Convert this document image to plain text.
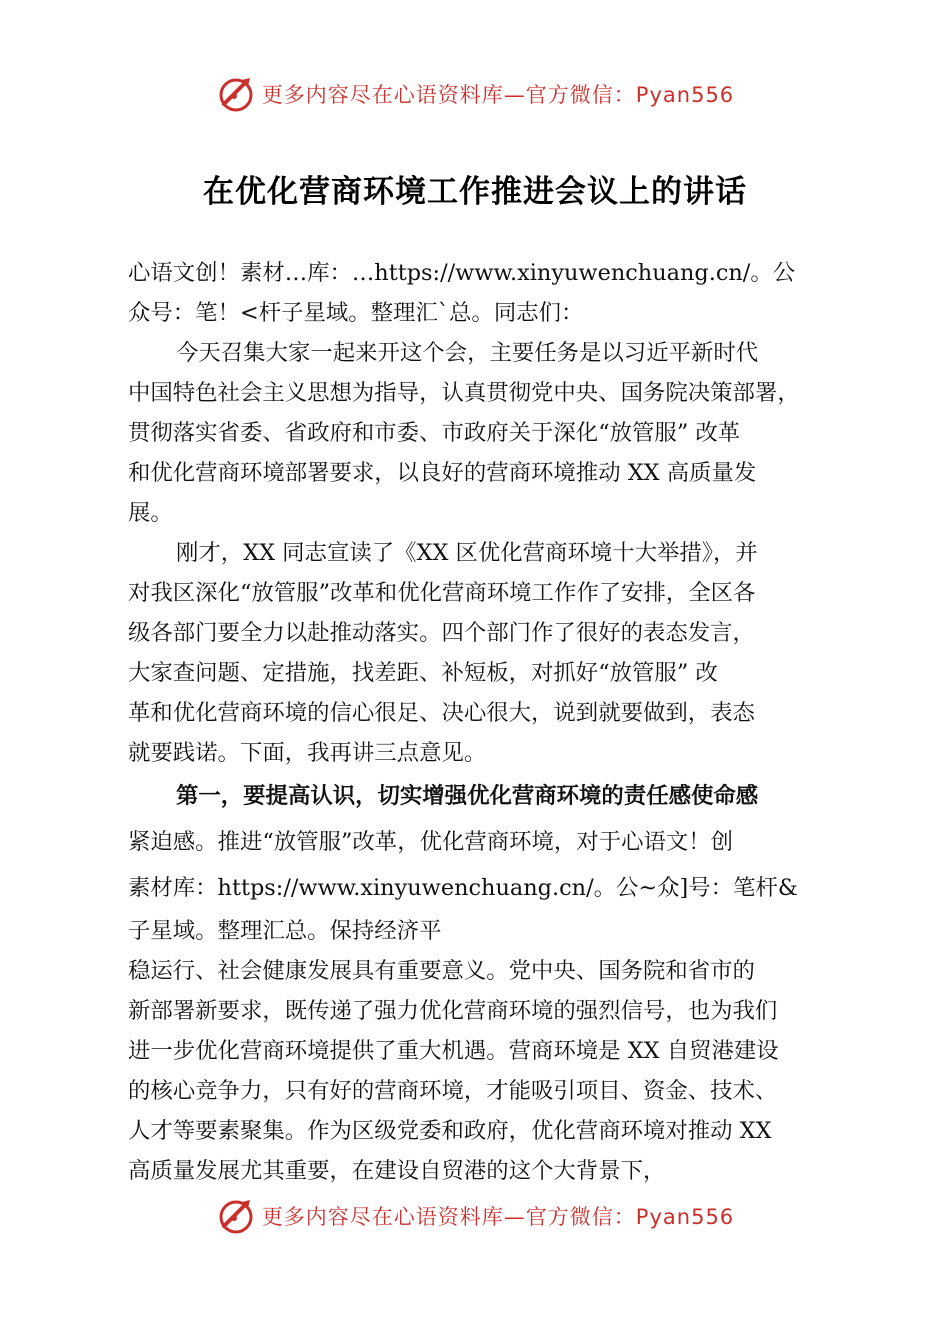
更多内容尽在心语资料库—官方微信：Pyan556
在优化营商环境工作推进会议上的讲话
心语文创！素材…库：…https://www.xinyuwenchuang.cn/。公
众号：笔！<杆子星域。整理汇`总。同志们：
今天召集大家一起来开这个会，主要任务是以习近平新时代
中国特色社会主义思想为指导，认真贯彻党中央、国务院决策部署，
贯彻落实省委、省政府和市委、市政府关于深化“放管服” 改革
和优化营商环境部署要求，以良好的营商环境推动 XX 高质量发
展。
刚才，XX 同志宣读了《XX 区优化营商环境十大举措》，并
对我区深化“放管服”改革和优化营商环境工作作了安排，全区各
级各部门要全力以赴推动落实。四个部门作了很好的表态发言，
大家查问题、定措施，找差距、补短板，对抓好“放管服” 改
革和优化营商环境的信心很足、决心很大，说到就要做到，表态
就要践诺。下面，我再讲三点意见。
第一，要提高认识，切实增强优化营商环境的责任感使命感
紧迫感。推进“放管服”改革，优化营商环境，对于心语文！创
素材库：https://www.xinyuwenchuang.cn/。公~众]号：笔杆&
子星域。整理汇总。保持经济平
稳运行、社会健康发展具有重要意义。党中央、国务院和省市的
新部署新要求，既传递了强力优化营商环境的强烈信号，也为我们
进一步优化营商环境提供了重大机遇。营商环境是 XX 自贸港建设
的核心竞争力，只有好的营商环境，才能吸引项目、资金、技术、
人才等要素聚集。作为区级党委和政府，优化营商环境对推动 XX
高质量发展尤其重要，在建设自贸港的这个大背景下，
更多内容尽在心语资料库—官方微信：Pyan556
